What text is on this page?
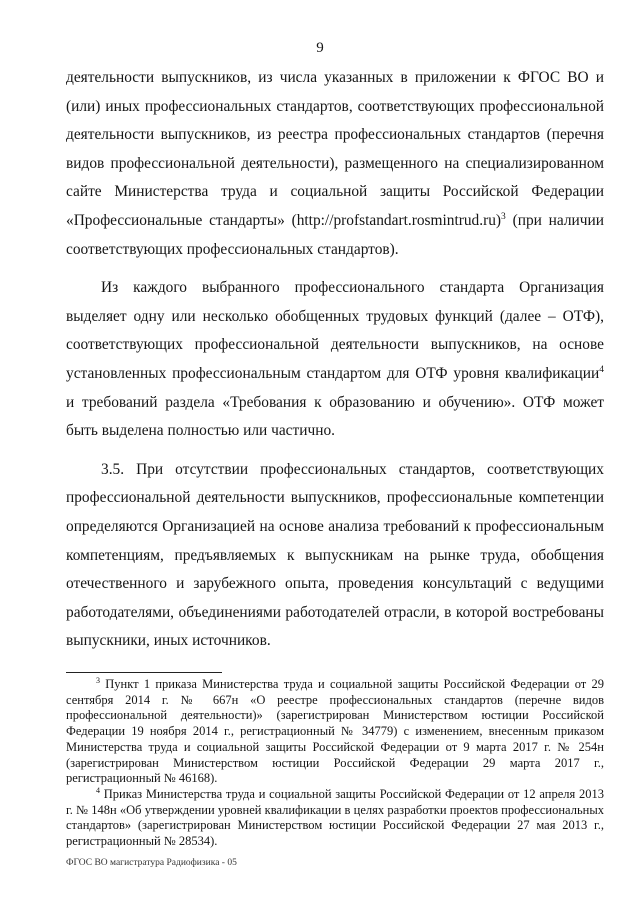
9

деятельности выпускников, из числа указанных в приложении к ФГОС ВО и (или) иных профессиональных стандартов, соответствующих профессиональной деятельности выпускников, из реестра профессиональных стандартов (перечня видов профессиональной деятельности), размещенного на специализированном сайте Министерства труда и социальной защиты Российской Федерации «Профессиональные стандарты» (http://profstandart.rosmintrud.ru)$^3$ (при наличии соответствующих профессиональных стандартов).

Из каждого выбранного профессионального стандарта Организация выделяет одну или несколько обобщенных трудовых функций (далее – ОТФ), соответствующих профессиональной деятельности выпускников, на основе установленных профессиональным стандартом для ОТФ уровня квалификации$^4$ и требований раздела «Требования к образованию и обучению». ОТФ может быть выделена полностью или частично.

3.5. При отсутствии профессиональных стандартов, соответствующих профессиональной деятельности выпускников, профессиональные компетенции определяются Организацией на основе анализа требований к профессиональным компетенциям, предъявляемых к выпускникам на рынке труда, обобщения отечественного и зарубежного опыта, проведения консультаций с ведущими работодателями, объединениями работодателей отрасли, в которой востребованы выпускники, иных источников.

$^3$ Пункт 1 приказа Министерства труда и социальной защиты Российской Федерации от 29 сентября 2014 г. № 667н «О реестре профессиональных стандартов (перечне видов профессиональной деятельности)» (зарегистрирован Министерством юстиции Российской Федерации 19 ноября 2014 г., регистрационный № 34779) с изменением, внесенным приказом Министерства труда и социальной защиты Российской Федерации от 9 марта 2017 г. № 254н (зарегистрирован Министерством юстиции Российской Федерации 29 марта 2017 г., регистрационный № 46168).

$^4$ Приказ Министерства труда и социальной защиты Российской Федерации от 12 апреля 2013 г. № 148н «Об утверждении уровней квалификации в целях разработки проектов профессиональных стандартов» (зарегистрирован Министерством юстиции Российской Федерации 27 мая 2013 г., регистрационный № 28534).

ФГОС ВО магистратура Радиофизика - 05
